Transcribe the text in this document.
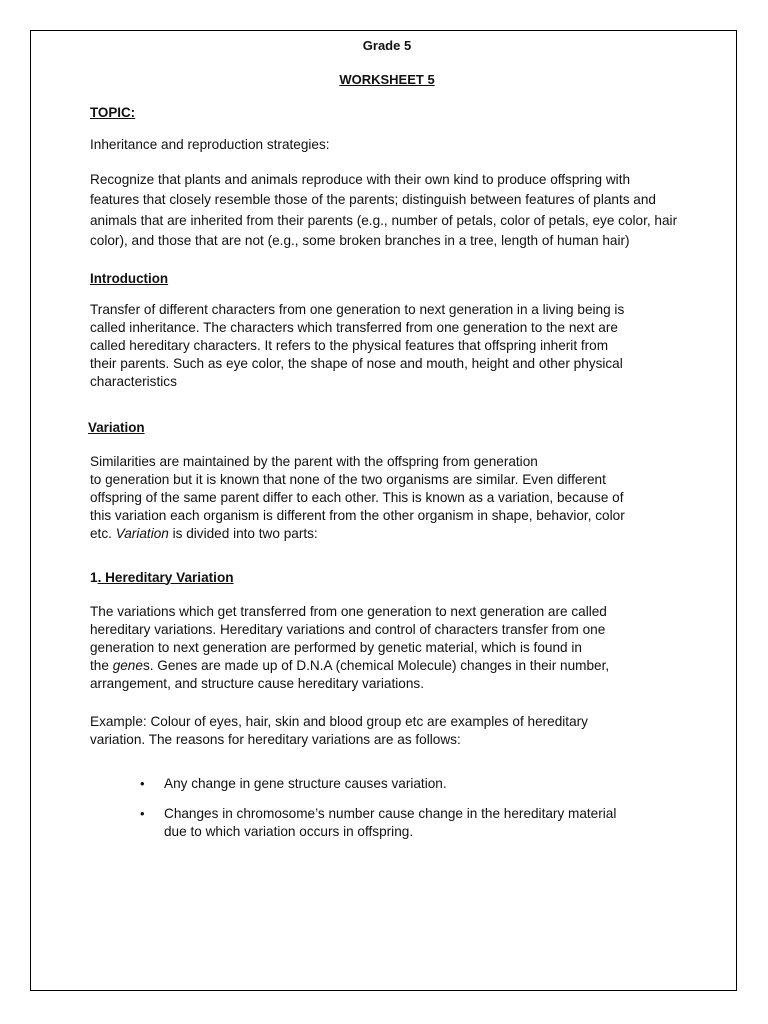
Grade 5
WORKSHEET 5
TOPIC:

Inheritance and reproduction strategies:

Recognize that plants and animals reproduce with their own kind to produce offspring with features that closely resemble those of the parents; distinguish between features of plants and animals that are inherited from their parents (e.g., number of petals, color of petals, eye color, hair color), and those that are not (e.g., some broken branches in a tree, length of human hair)

Introduction
Transfer of different characters from one generation to next generation in a living being is
called inheritance. The characters which transferred from one generation to the next are
called hereditary characters. It refers to the physical features that offspring inherit from
their parents. Such as eye color, the shape of nose and mouth, height and other physical
characteristics
Variation
Similarities are maintained by the parent with the offspring from generation
to generation but it is known that none of the two organisms are similar. Even different
offspring of the same parent differ to each other. This is known as a variation, because of
this variation each organism is different from the other organism in shape, behavior, color
etc. Variation is divided into two parts:
1. Hereditary Variation
The variations which get transferred from one generation to next generation are called
hereditary variations. Hereditary variations and control of characters transfer from one
generation to next generation are performed by genetic material, which is found in
the genes. Genes are made up of D.N.A (chemical Molecule) changes in their number,
arrangement, and structure cause hereditary variations.
Example: Colour of eyes, hair, skin and blood group etc are examples of hereditary
variation. The reasons for hereditary variations are as follows:
• Any change in gene structure causes variation.
• Changes in chromosome’s number cause change in the hereditary material
due to which variation occurs in offspring.
